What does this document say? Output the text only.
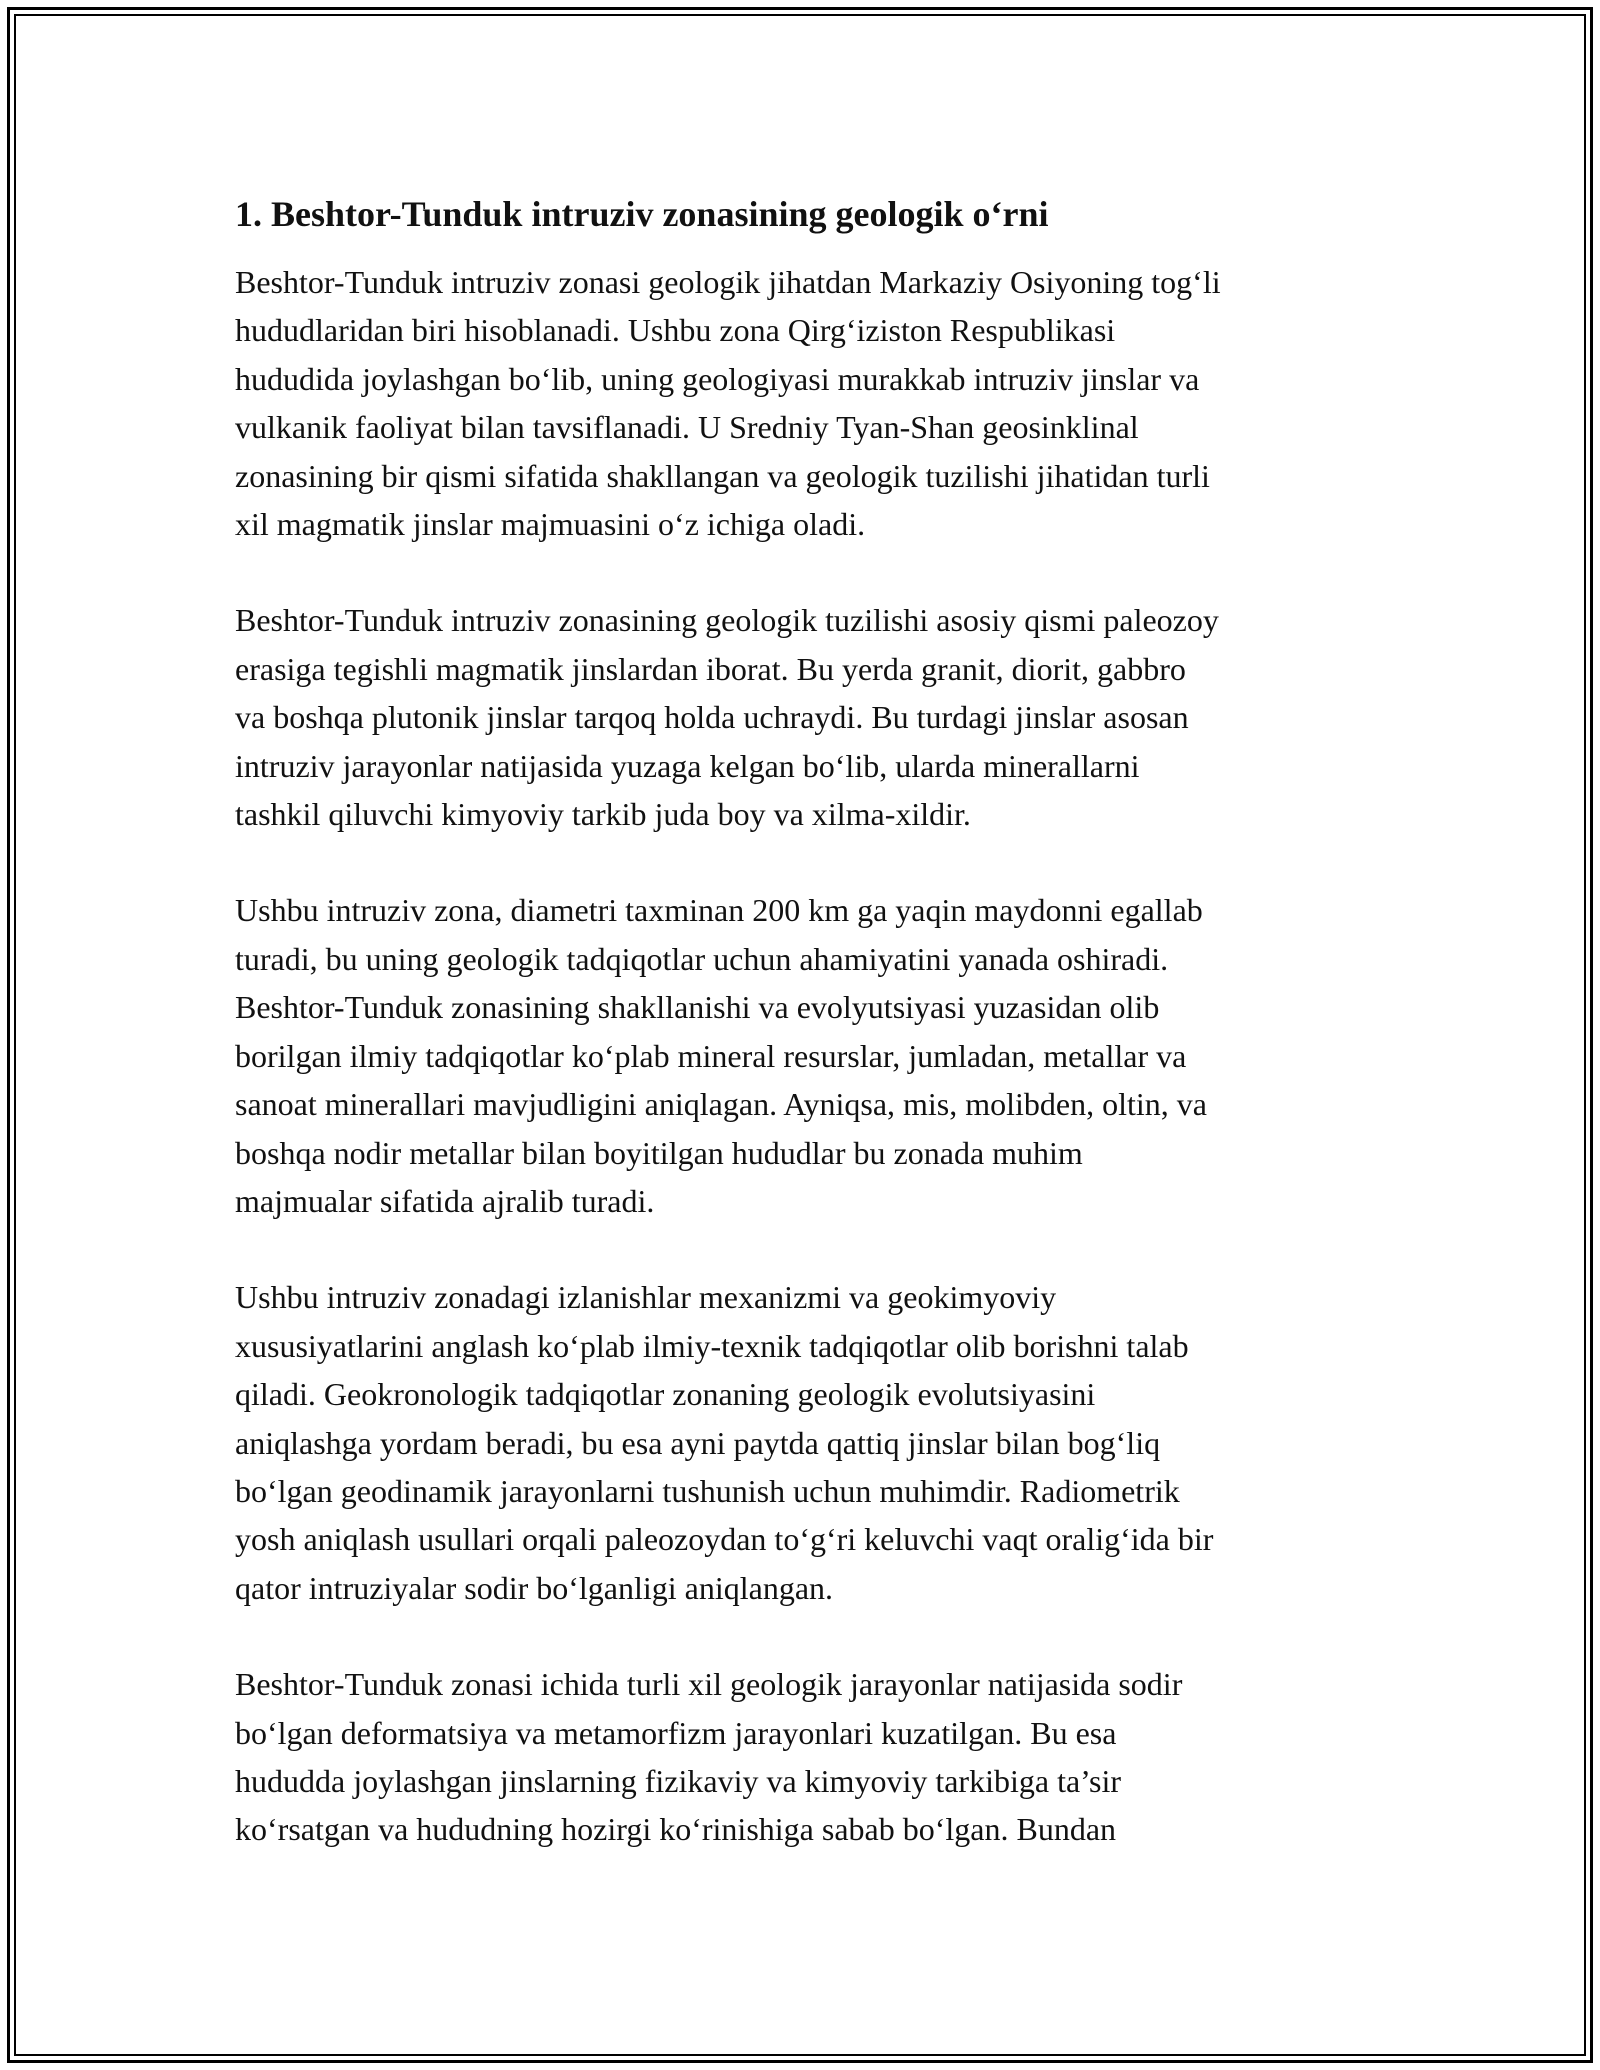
1. Beshtor-Tunduk intruziv zonasining geologik o‘rni

Beshtor-Tunduk intruziv zonasi geologik jihatdan Markaziy Osiyoning tog‘li
hududlaridan biri hisoblanadi. Ushbu zona Qirg‘iziston Respublikasi
hududida joylashgan bo‘lib, uning geologiyasi murakkab intruziv jinslar va
vulkanik faoliyat bilan tavsiflanadi. U Sredniy Tyan-Shan geosinklinal
zonasining bir qismi sifatida shakllangan va geologik tuzilishi jihatidan turli
xil magmatik jinslar majmuasini o‘z ichiga oladi.

Beshtor-Tunduk intruziv zonasining geologik tuzilishi asosiy qismi paleozoy
erasiga tegishli magmatik jinslardan iborat. Bu yerda granit, diorit, gabbro
va boshqa plutonik jinslar tarqoq holda uchraydi. Bu turdagi jinslar asosan
intruziv jarayonlar natijasida yuzaga kelgan bo‘lib, ularda minerallarni
tashkil qiluvchi kimyoviy tarkib juda boy va xilma-xildir.

Ushbu intruziv zona, diametri taxminan 200 km ga yaqin maydonni egallab
turadi, bu uning geologik tadqiqotlar uchun ahamiyatini yanada oshiradi.
Beshtor-Tunduk zonasining shakllanishi va evolyutsiyasi yuzasidan olib
borilgan ilmiy tadqiqotlar ko‘plab mineral resurslar, jumladan, metallar va
sanoat minerallari mavjudligini aniqlagan. Ayniqsa, mis, molibden, oltin, va
boshqa nodir metallar bilan boyitilgan hududlar bu zonada muhim
majmualar sifatida ajralib turadi.

Ushbu intruziv zonadagi izlanishlar mexanizmi va geokimyoviy
xususiyatlarini anglash ko‘plab ilmiy-texnik tadqiqotlar olib borishni talab
qiladi. Geokronologik tadqiqotlar zonaning geologik evolutsiyasini
aniqlashga yordam beradi, bu esa ayni paytda qattiq jinslar bilan bog‘liq
bo‘lgan geodinamik jarayonlarni tushunish uchun muhimdir. Radiometrik
yosh aniqlash usullari orqali paleozoydan to‘g‘ri keluvchi vaqt oralig‘ida bir
qator intruziyalar sodir bo‘lganligi aniqlangan.

Beshtor-Tunduk zonasi ichida turli xil geologik jarayonlar natijasida sodir
bo‘lgan deformatsiya va metamorfizm jarayonlari kuzatilgan. Bu esa
hududda joylashgan jinslarning fizikaviy va kimyoviy tarkibiga ta’sir
ko‘rsatgan va hududning hozirgi ko‘rinishiga sabab bo‘lgan. Bundan
